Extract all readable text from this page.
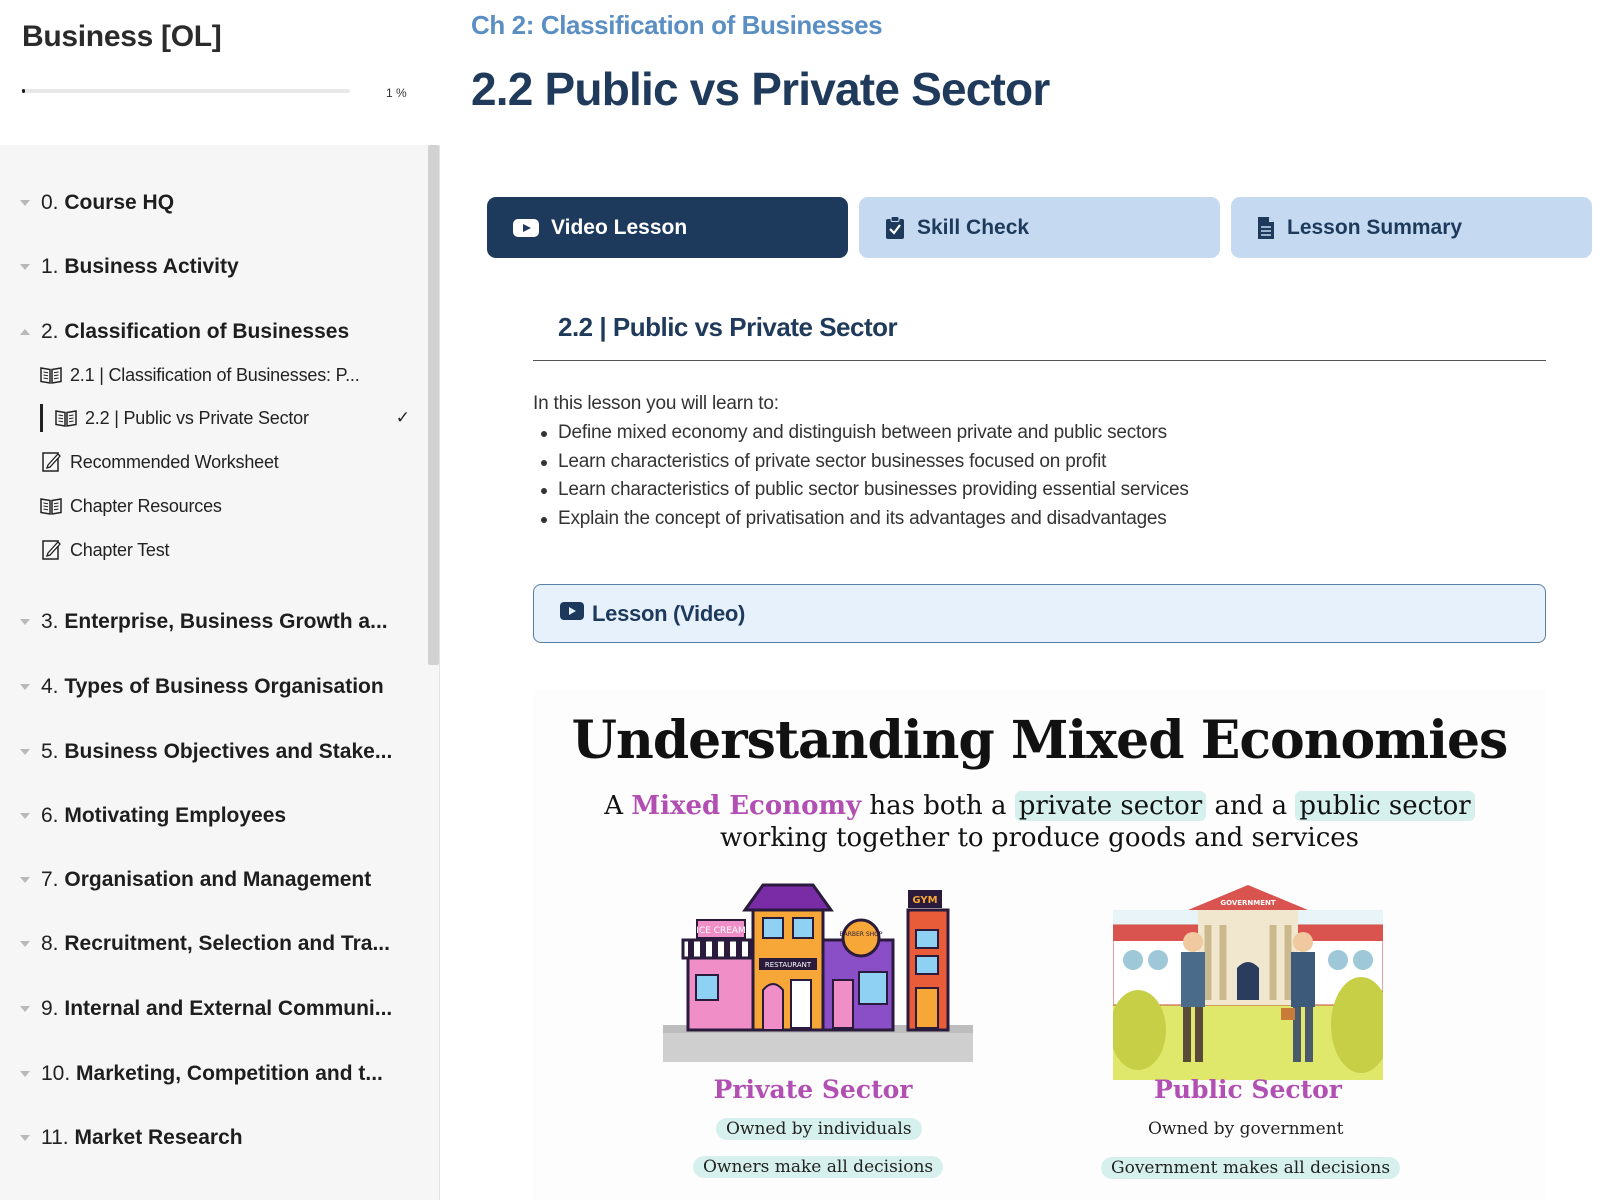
Business [OL]
1 %
0. Course HQ
1. Business Activity
2. Classification of Businesses
2.1 | Classification of Businesses: P...
2.2 | Public vs Private Sector	✓
Recommended Worksheet
Chapter Resources
Chapter Test
3. Enterprise, Business Growth a...
4. Types of Business Organisation
5. Business Objectives and Stake...
6. Motivating Employees
7. Organisation and Management
8. Recruitment, Selection and Tra...
9. Internal and External Communi...
10. Marketing, Competition and t...
11. Market Research
Ch 2: Classification of Businesses
2.2 Public vs Private Sector
Video Lesson	Skill Check	Lesson Summary
2.2 | Public vs Private Sector
In this lesson you will learn to:
Define mixed economy and distinguish between private and public sectors
Learn characteristics of private sector businesses focused on profit
Learn characteristics of public sector businesses providing essential services
Explain the concept of privatisation and its advantages and disadvantages
Lesson (Video)
Understanding Mixed Economies
A Mixed Economy has both a private sector and a public sector
working together to produce goods and services
ICE CREAM
RESTAURANT
BARBER SHOP
GYM	GOVERNMENT
Private Sector
Owned by individuals
Owners make all decisions
Public Sector
Owned by government
Government makes all decisions
